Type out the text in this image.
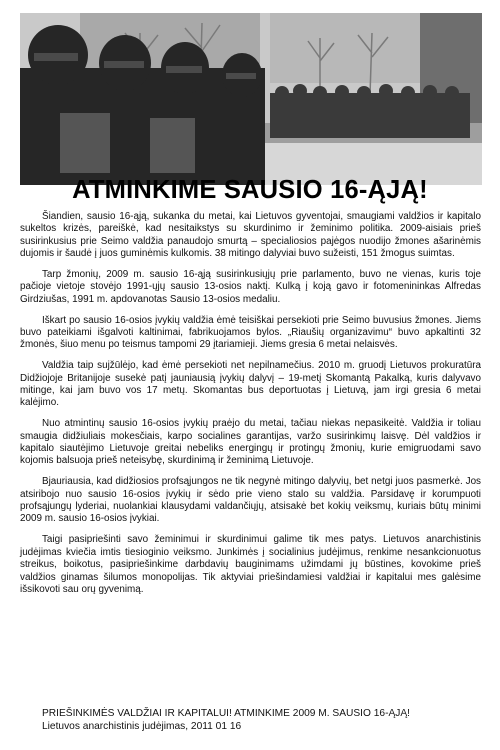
ATMINKIME SAUSIO 16-ĄJĄ!

Šiandien, sausio 16-ąją, sukanka du metai, kai Lietuvos gyventojai, smaugiami valdžios ir kapitalo sukeltos krizės, pareiškė, kad nesitaikstys su skurdinimo ir žeminimo politika. 2009-aisiais prieš susirinkusius prie Seimo valdžia panaudojo smurtą – specialiosios pajėgos nuodijo žmones ašarinėmis dujomis ir šaudė į juos guminėmis kulkomis. 38 mitingo dalyviai buvo sužeisti, 151 žmogus suimtas.

Tarp žmonių, 2009 m. sausio 16-ąją susirinkusiųjų prie parlamento, buvo ne vienas, kuris toje pačioje vietoje stovėjo 1991-ųjų sausio 13-osios naktį. Kulką į koją gavo ir fotomenininkas Alfredas Girdziušas, 1991 m. apdovanotas Sausio 13-osios medaliu.

Iškart po sausio 16-osios įvykių valdžia ėmė teisiškai persekioti prie Seimo buvusius žmones. Jiems buvo pateikiami išgalvoti kaltinimai, fabrikuojamos bylos. „Riaušių organizavimu“ buvo apkaltinti 32 žmonės, šiuo menu po teismus tampomi 29 įtariamieji. Jiems gresia 6 metai nelaisvės.

Valdžia taip sujžūlėjo, kad ėmė persekioti net nepilnamečius. 2010 m. gruodį Lietuvos prokuratūra Didžiojoje Britanijoje susekė patį jauniausią įvykių dalyvį – 19-metį Skomantą Pakalką, kuris dalyvavo mitinge, kai jam buvo vos 17 metų. Skomantas bus deportuotas į Lietuvą, jam irgi gresia 6 metai kalėjimo.

Nuo atmintinų sausio 16-osios įvykių praėjo du metai, tačiau niekas nepasikeitė. Valdžia ir toliau smaugia didžiuliais mokesčiais, karpo socialines garantijas, varžo susirinkimų laisvę. Dėl valdžios ir kapitalo siautėjimo Lietuvoje greitai nebeliks energingų ir protingų žmonių, kurie emigruodami savo kojomis balsuoja prieš neteisybę, skurdinimą ir žeminimą Lietuvoje.

Bjauriausia, kad didžiosios profsąjungos ne tik negynė mitingo dalyvių, bet netgi juos pasmerkė. Jos atsiribojo nuo sausio 16-osios įvykių ir sėdo prie vieno stalo su valdžia. Parsidavę ir korumpuoti profsąjungų lyderiai, nuolankiai klausydami valdančiųjų, atsisakė bet kokių veiksmų, kuriais būtų minimi 2009 m. sausio 16-osios įvykiai.

Taigi pasipriešinti savo žeminimui ir skurdinimui galime tik mes patys. Lietuvos anarchistinis judėjimas kviečia imtis tiesioginio veiksmo. Junkimės į socialinius judėjimus, renkime nesankcionuotus streikus, boikotus, pasipriešinkime darbdavių bauginimams užimdami jų būstines, kovokime prieš valdžios ginamas šilumos monopolijas. Tik aktyviai priešindamiesi valdžiai ir kapitalui mes galėsime išsikovoti sau orų gyvenimą.

PRIEŠINKIMĖS VALDŽIAI IR KAPITALUI! ATMINKIME 2009 M. SAUSIO 16-ĄJĄ!
Lietuvos anarchistinis judėjimas, 2011 01 16
